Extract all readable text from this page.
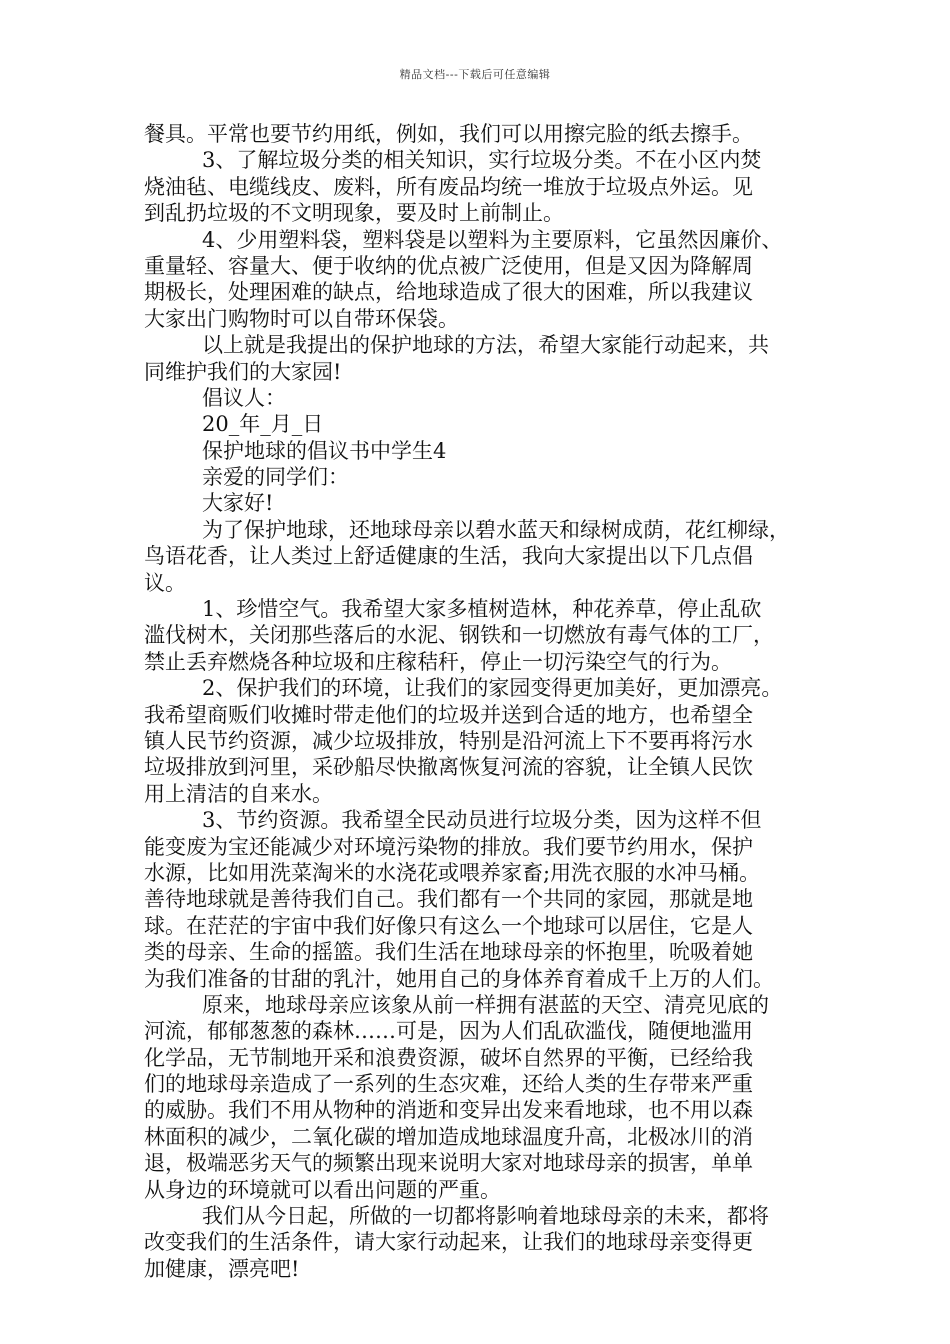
精品文档---下载后可任意编辑
餐具。平常也要节约用纸，例如，我们可以用擦完脸的纸去擦手。
3、了解垃圾分类的相关知识，实行垃圾分类。不在小区内焚
烧油毡、电缆线皮、废料，所有废品均统一堆放于垃圾点外运。见
到乱扔垃圾的不文明现象，要及时上前制止。
4、少用塑料袋，塑料袋是以塑料为主要原料，它虽然因廉价、
重量轻、容量大、便于收纳的优点被广泛使用，但是又因为降解周
期极长，处理困难的缺点，给地球造成了很大的困难，所以我建议
大家出门购物时可以自带环保袋。
以上就是我提出的保护地球的方法，希望大家能行动起来，共
同维护我们的大家园!
倡议人：
20_年_月_日
保护地球的倡议书中学生4
亲爱的同学们：
大家好!
为了保护地球，还地球母亲以碧水蓝天和绿树成荫，花红柳绿，
鸟语花香，让人类过上舒适健康的生活，我向大家提出以下几点倡
议。
1、珍惜空气。我希望大家多植树造林，种花养草，停止乱砍
滥伐树木，关闭那些落后的水泥、钢铁和一切燃放有毒气体的工厂，
禁止丢弃燃烧各种垃圾和庄稼秸秆，停止一切污染空气的行为。
2、保护我们的环境，让我们的家园变得更加美好，更加漂亮。
我希望商贩们收摊时带走他们的垃圾并送到合适的地方，也希望全
镇人民节约资源，减少垃圾排放，特别是沿河流上下不要再将污水
垃圾排放到河里，采砂船尽快撤离恢复河流的容貌，让全镇人民饮
用上清洁的自来水。
3、节约资源。我希望全民动员进行垃圾分类，因为这样不但
能变废为宝还能减少对环境污染物的排放。我们要节约用水，保护
水源，比如用洗菜淘米的水浇花或喂养家畜;用洗衣服的水冲马桶。
善待地球就是善待我们自己。我们都有一个共同的家园，那就是地
球。在茫茫的宇宙中我们好像只有这么一个地球可以居住，它是人
类的母亲、生命的摇篮。我们生活在地球母亲的怀抱里，吮吸着她
为我们准备的甘甜的乳汁，她用自己的身体养育着成千上万的人们。
原来，地球母亲应该象从前一样拥有湛蓝的天空、清亮见底的
河流，郁郁葱葱的森林……可是，因为人们乱砍滥伐，随便地滥用
化学品，无节制地开采和浪费资源，破坏自然界的平衡，已经给我
们的地球母亲造成了一系列的生态灾难，还给人类的生存带来严重
的威胁。我们不用从物种的消逝和变异出发来看地球，也不用以森
林面积的减少，二氧化碳的增加造成地球温度升高，北极冰川的消
退，极端恶劣天气的频繁出现来说明大家对地球母亲的损害，单单
从身边的环境就可以看出问题的严重。
我们从今日起，所做的一切都将影响着地球母亲的未来，都将
改变我们的生活条件，请大家行动起来，让我们的地球母亲变得更
加健康，漂亮吧!
